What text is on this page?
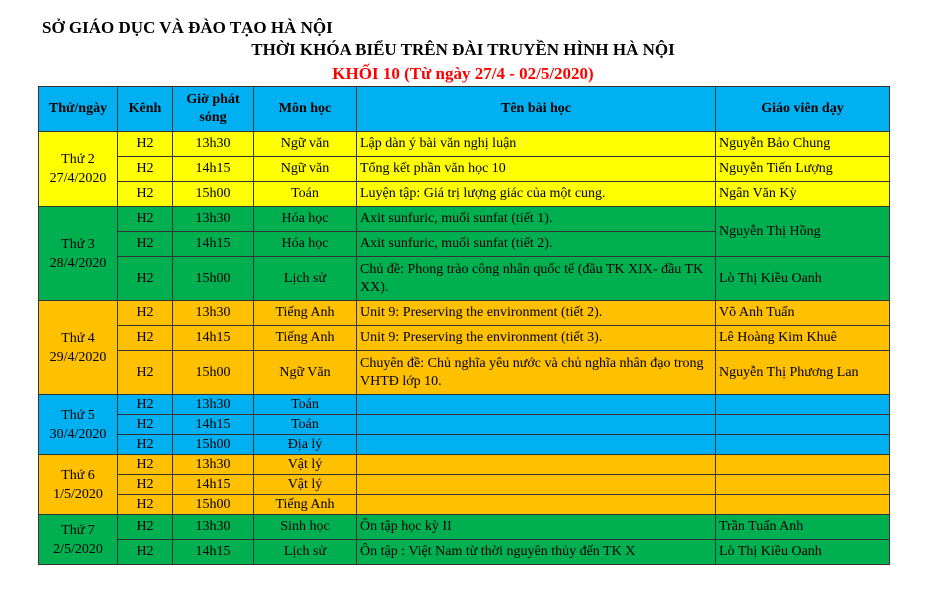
SỞ GIÁO DỤC VÀ ĐÀO TẠO HÀ NỘI
THỜI KHÓA BIỂU TRÊN ĐÀI TRUYỀN HÌNH HÀ NỘI
KHỐI 10 (Từ ngày 27/4 - 02/5/2020)
Thứ/ngày	Kênh	Giờ phát sóng	Môn học	Tên bài học	Giáo viên dạy

Thứ 2
27/4/2020	H2	13h30	Ngữ văn	Lập dàn ý bài văn nghị luận	Nguyễn Bảo Chung
	H2	14h15	Ngữ văn	Tổng kết phần văn học 10	Nguyễn Tiến Lượng
	H2	15h00	Toán	Luyện tập: Giá trị lượng giác của một cung.	Ngân Văn Kỳ

Thứ 3
28/4/2020	H2	13h30	Hóa học	Axit sunfuric, muối sunfat (tiết 1).	Nguyễn Thị Hồng
	H2	14h15	Hóa học	Axit sunfuric, muối sunfat (tiết 2).	
	H2	15h00	Lịch sử	Chủ đề: Phong trào công nhân quốc tế (đầu TK XIX- đầu TK XX).	Lò Thị Kiều Oanh

Thứ 4
29/4/2020	H2	13h30	Tiếng Anh	Unit 9: Preserving the environment (tiết 2).	Võ Anh Tuấn
	H2	14h15	Tiếng Anh	Unit 9: Preserving the environment (tiết 3).	Lê Hoàng Kim Khuê
	H2	15h00	Ngữ Văn	Chuyên đề: Chủ nghĩa yêu nước và chủ nghĩa nhân đạo trong VHTĐ lớp 10.	Nguyễn Thị Phương Lan

Thứ 5
30/4/2020	H2	13h30	Toán		
	H2	14h15	Toán		
	H2	15h00	Địa lý		

Thứ 6
1/5/2020	H2	13h30	Vật lý		
	H2	14h15	Vật lý		
	H2	15h00	Tiếng Anh		

Thứ 7
2/5/2020	H2	13h30	Sinh học	Ôn tập học kỳ II	Trần Tuấn Anh
	H2	14h15	Lịch sử	Ôn tập : Việt Nam từ thời nguyên thủy đến TK X	Lò Thị Kiều Oanh
